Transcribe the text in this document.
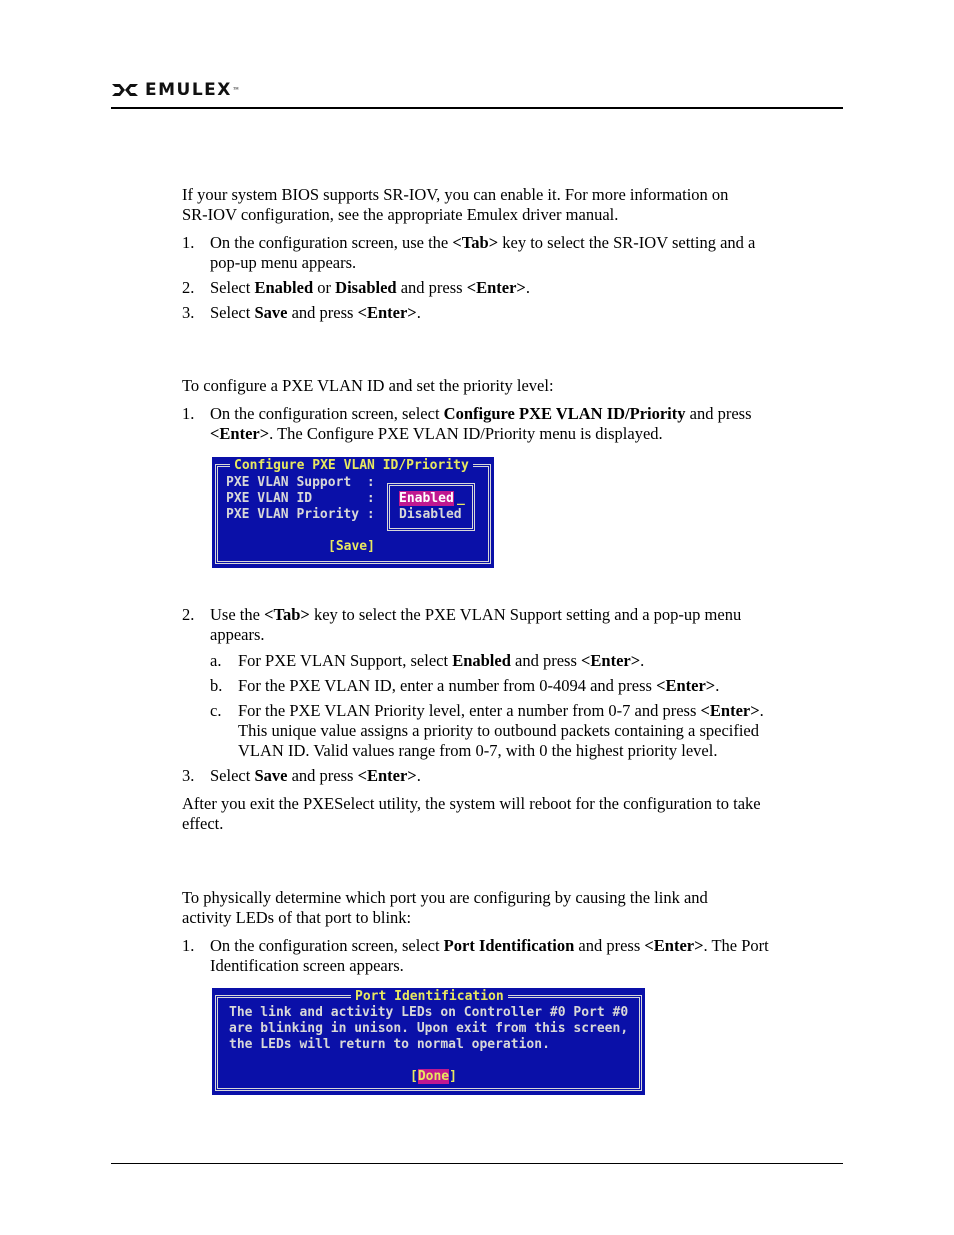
EMULEX ™

If your system BIOS supports SR-IOV, you can enable it. For more information on

SR-IOV configuration, see the appropriate Emulex driver manual.

1. On the configuration screen, use the <Tab> key to select the SR-IOV setting and a
pop-up menu appears.
2. Select Enabled or Disabled and press <Enter>.
3. Select Save and press <Enter>.

To configure a PXE VLAN ID and set the priority level:

1. On the configuration screen, select Configure PXE VLAN ID/Priority and press
<Enter>. The Configure PXE VLAN ID/Priority menu is displayed.
Configure PXE VLAN ID/Priority
PXE VLAN Support  :
PXE VLAN ID       :
PXE VLAN Priority :
Enabled _
Disabled
[Save]
2. Use the <Tab> key to select the PXE VLAN Support setting and a pop-up menu
appears.
a. For PXE VLAN Support, select Enabled and press <Enter>.
b. For the PXE VLAN ID, enter a number from 0-4094 and press <Enter>.
c. For the PXE VLAN Priority level, enter a number from 0-7 and press <Enter>.
This unique value assigns a priority to outbound packets containing a specified
VLAN ID. Valid values range from 0-7, with 0 the highest priority level.
3. Select Save and press <Enter>.

After you exit the PXESelect utility, the system will reboot for the configuration to take

effect.

To physically determine which port you are configuring by causing the link and

activity LEDs of that port to blink:

1. On the configuration screen, select Port Identification and press <Enter>. The Port
Identification screen appears.
Port Identification
The link and activity LEDs on Controller #0 Port #0
are blinking in unison. Upon exit from this screen,
the LEDs will return to normal operation.
[Done]
